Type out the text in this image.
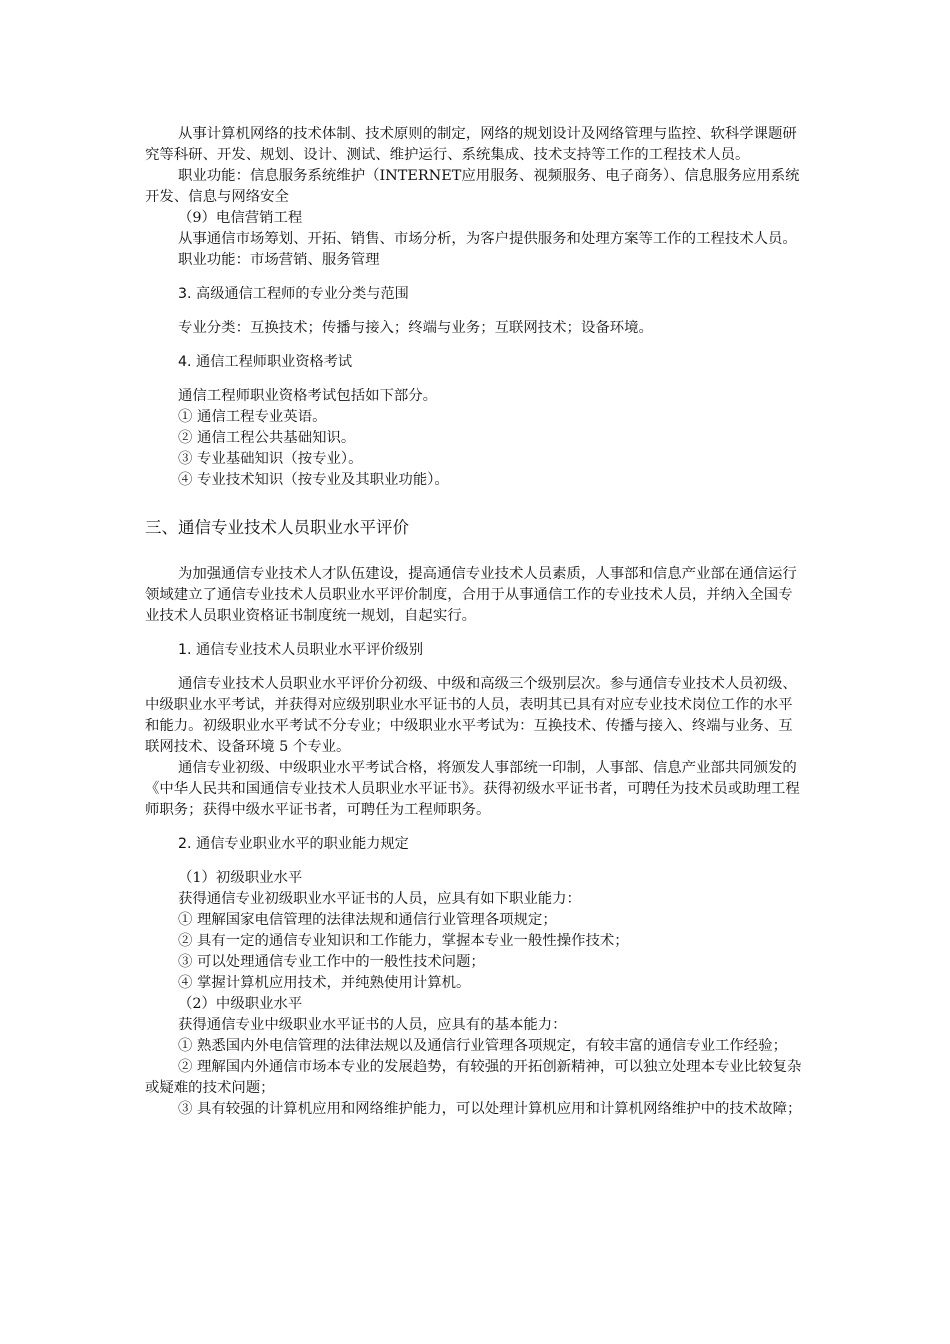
从事计算机网络的技术体制、技术原则的制定，网络的规划设计及网络管理与监控、软科学课题研究等科研、开发、规划、设计、测试、维护运行、系统集成、技术支持等工作的工程技术人员。

职业功能：信息服务系统维护（INTERNET应用服务、视频服务、电子商务）、信息服务应用系统开发、信息与网络安全

（9）电信营销工程

从事通信市场筹划、开拓、销售、市场分析，为客户提供服务和处理方案等工作的工程技术人员。

职业功能：市场营销、服务管理

3. 高级通信工程师的专业分类与范围

专业分类：互换技术；传播与接入；终端与业务；互联网技术；设备环境。

4. 通信工程师职业资格考试

通信工程师职业资格考试包括如下部分。

① 通信工程专业英语。

② 通信工程公共基础知识。

③ 专业基础知识（按专业）。

④ 专业技术知识（按专业及其职业功能）。

三、通信专业技术人员职业水平评价

为加强通信专业技术人才队伍建设，提高通信专业技术人员素质，人事部和信息产业部在通信运行领域建立了通信专业技术人员职业水平评价制度，合用于从事通信工作的专业技术人员，并纳入全国专业技术人员职业资格证书制度统一规划，自起实行。

1. 通信专业技术人员职业水平评价级别

通信专业技术人员职业水平评价分初级、中级和高级三个级别层次。参与通信专业技术人员初级、中级职业水平考试，并获得对应级别职业水平证书的人员，表明其已具有对应专业技术岗位工作的水平和能力。初级职业水平考试不分专业；中级职业水平考试为：互换技术、传播与接入、终端与业务、互联网技术、设备环境 5 个专业。

通信专业初级、中级职业水平考试合格，将颁发人事部统一印制，人事部、信息产业部共同颁发的《中华人民共和国通信专业技术人员职业水平证书》。获得初级水平证书者，可聘任为技术员或助理工程师职务；获得中级水平证书者，可聘任为工程师职务。

2. 通信专业职业水平的职业能力规定

（1）初级职业水平

获得通信专业初级职业水平证书的人员，应具有如下职业能力：

① 理解国家电信管理的法律法规和通信行业管理各项规定；

② 具有一定的通信专业知识和工作能力，掌握本专业一般性操作技术；

③ 可以处理通信专业工作中的一般性技术问题；

④ 掌握计算机应用技术，并纯熟使用计算机。

（2）中级职业水平

获得通信专业中级职业水平证书的人员，应具有的基本能力：

① 熟悉国内外电信管理的法律法规以及通信行业管理各项规定，有较丰富的通信专业工作经验；

② 理解国内外通信市场本专业的发展趋势，有较强的开拓创新精神，可以独立处理本专业比较复杂或疑难的技术问题；

③ 具有较强的计算机应用和网络维护能力，可以处理计算机应用和计算机网络维护中的技术故障；
